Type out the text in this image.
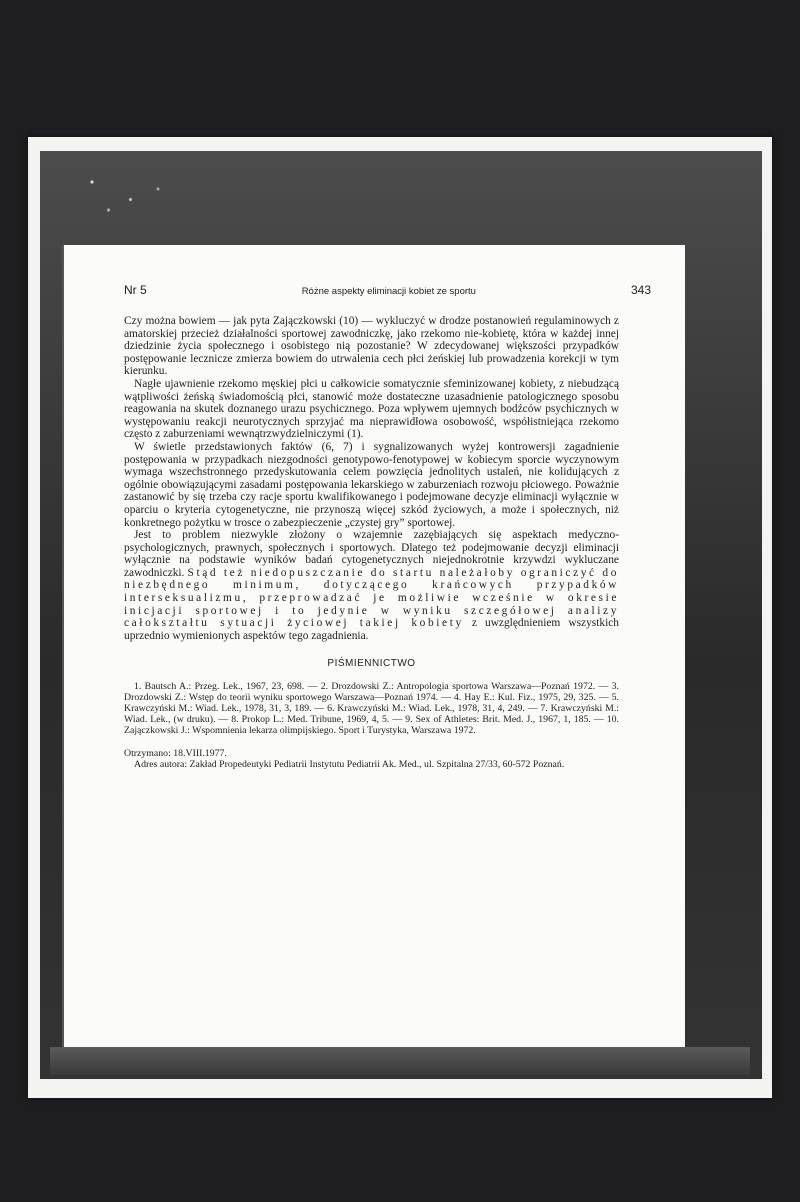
Nr 5	Różne aspekty eliminacji kobiet ze sportu	343

Czy można bowiem — jak pyta Zajączkowski (10) — wykluczyć w drodze postanowień regulaminowych z amatorskiej przecież działalności sportowej zawodniczkę, jako rzekomo nie-kobietę, która w każdej innej dziedzinie życia społecznego i osobistego nią pozostanie? W zdecydowanej większości przypadków postępowanie lecznicze zmierza bowiem do utrwalenia cech płci żeńskiej lub prowadzenia korekcji w tym kierunku.

Nagłe ujawnienie rzekomo męskiej płci u całkowicie somatycznie sfeminizowanej kobiety, z niebudzącą wątpliwości żeńską świadomością płci, stanowić może dostateczne uzasadnienie patologicznego sposobu reagowania na skutek doznanego urazu psychicznego. Poza wpływem ujemnych bodźców psychicznych w występowaniu reakcji neurotycznych sprzyjać ma nieprawidłowa osobowość, współistniejąca rzekomo często z zaburzeniami wewnątrzwydzielniczymi (1).

W świetle przedstawionych faktów (6, 7) i sygnalizowanych wyżej kontrowersji zagadnienie postępowania w przypadkach niezgodności genotypowo-fenotypowej w kobiecym sporcie wyczynowym wymaga wszechstronnego przedyskutowania celem powzięcia jednolitych ustaleń, nie kolidujących z ogólnie obowiązującymi zasadami postępowania lekarskiego w zaburzeniach rozwoju płciowego. Poważnie zastanowić by się trzeba czy racje sportu kwalifikowanego i podejmowane decyzje eliminacji wyłącznie w oparciu o kryteria cytogenetyczne, nie przynoszą więcej szkód życiowych, a może i społecznych, niż konkretnego pożytku w trosce o zabezpieczenie „czystej gry” sportowej.

Jest to problem niezwykle złożony o wzajemnie zazębiających się aspektach medyczno-psychologicznych, prawnych, społecznych i sportowych. Dlatego też podejmowanie decyzji eliminacji wyłącznie na podstawie wyników badań cytogenetycznych niejednokrotnie krzywdzi wykluczane zawodniczki. Stąd też niedopuszczanie do startu należałoby ograniczyć do niezbędnego minimum, dotyczącego krańcowych przypadków interseksualizmu, przeprowadzać je możliwie wcześnie w okresie inicjacji sportowej i to jedynie w wyniku szczegółowej analizy całokształtu sytuacji życiowej takiej kobiety z uwzględnieniem wszystkich uprzednio wymienionych aspektów tego zagadnienia.

PIŚMIENNICTWO

1. Bautsch A.: Przeg. Lek., 1967, 23, 698. — 2. Drozdowski Z.: Antropologia sportowa Warszawa—Poznań 1972. — 3. Drozdowski Z.: Wstęp do teorii wyniku sportowego Warszawa—Poznań 1974. — 4. Hay E.: Kul. Fiz., 1975, 29, 325. — 5. Krawczyński M.: Wiad. Lek., 1978, 31, 3, 189. — 6. Krawczyński M.: Wiad. Lek., 1978, 31, 4, 249. — 7. Krawczyński M.: Wiad. Lek., (w druku). — 8. Prokop L.: Med. Tribune, 1969, 4, 5. — 9. Sex of Athletes: Brit. Med. J., 1967, 1, 185. — 10. Zajączkowski J.: Wspomnienia lekarza olimpijskiego. Sport i Turystyka, Warszawa 1972.

Otrzymano: 18.VIII.1977.

Adres autora: Zakład Propedeutyki Pediatrii Instytutu Pediatrii Ak. Med., ul. Szpitalna 27/33, 60-572 Poznań.
